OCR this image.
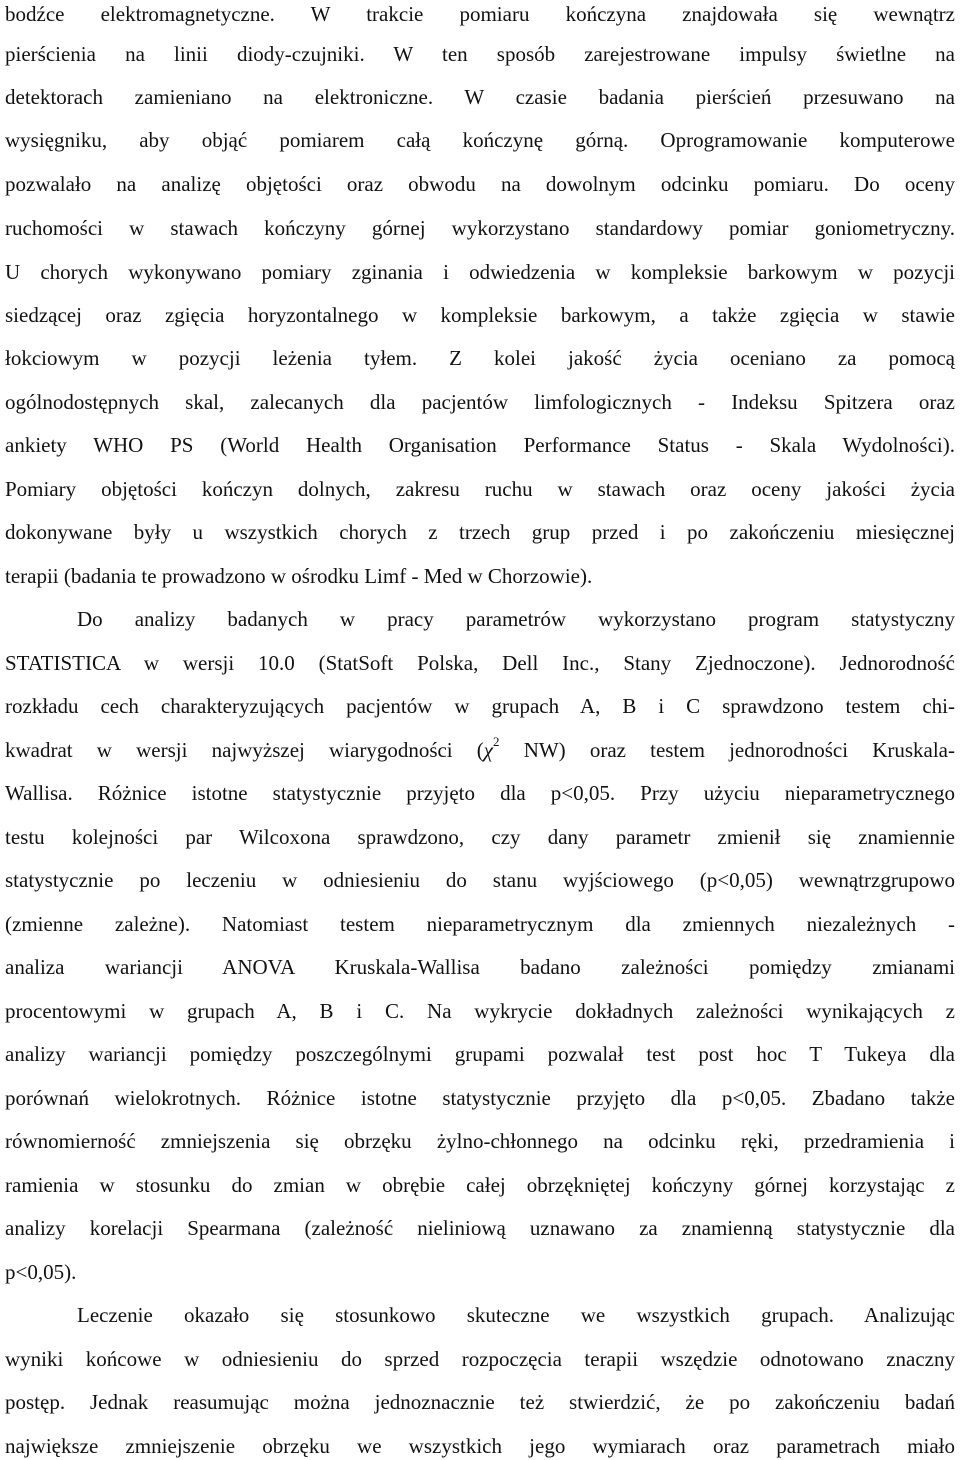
bodźce elektromagnetyczne. W trakcie pomiaru kończyna znajdowała się wewnątrz
pierścienia na linii diody-czujniki. W ten sposób zarejestrowane impulsy świetlne na
detektorach zamieniano na elektroniczne. W czasie badania pierścień przesuwano na
wysięgniku, aby objąć pomiarem całą kończynę górną. Oprogramowanie komputerowe
pozwalało na analizę objętości oraz obwodu na dowolnym odcinku pomiaru. Do oceny
ruchomości w stawach kończyny górnej wykorzystano standardowy pomiar goniometryczny.
U chorych wykonywano pomiary zginania i odwiedzenia w kompleksie barkowym w pozycji
siedzącej oraz zgięcia horyzontalnego w kompleksie barkowym, a także zgięcia w stawie
łokciowym w pozycji leżenia tyłem. Z kolei jakość życia oceniano za pomocą
ogólnodostępnych skal, zalecanych dla pacjentów limfologicznych - Indeksu Spitzera oraz
ankiety WHO PS (World Health Organisation Performance Status - Skala Wydolności).
Pomiary objętości kończyn dolnych, zakresu ruchu w stawach oraz oceny jakości życia
dokonywane były u wszystkich chorych z trzech grup przed i po zakończeniu miesięcznej
terapii (badania te prowadzono w ośrodku Limf - Med w Chorzowie).
Do analizy badanych w pracy parametrów wykorzystano program statystyczny
STATISTICA w wersji 10.0 (StatSoft Polska, Dell Inc., Stany Zjednoczone). Jednorodność
rozkładu cech charakteryzujących pacjentów w grupach A, B i C sprawdzono testem chi-
kwadrat w wersji najwyższej wiarygodności ($\chi^2$ NW) oraz testem jednorodności Kruskala-
Wallisa. Różnice istotne statystycznie przyjęto dla p<0,05. Przy użyciu nieparametrycznego
testu kolejności par Wilcoxona sprawdzono, czy dany parametr zmienił się znamiennie
statystycznie po leczeniu w odniesieniu do stanu wyjściowego (p<0,05) wewnątrzgrupowo
(zmienne zależne). Natomiast testem nieparametrycznym dla zmiennych niezależnych -
analiza wariancji ANOVA Kruskala-Wallisa badano zależności pomiędzy zmianami
procentowymi w grupach A, B i C. Na wykrycie dokładnych zależności wynikających z
analizy wariancji pomiędzy poszczególnymi grupami pozwalał test post hoc T Tukeya dla
porównań wielokrotnych. Różnice istotne statystycznie przyjęto dla p<0,05. Zbadano także
równomierność zmniejszenia się obrzęku żylno-chłonnego na odcinku ręki, przedramienia i
ramienia w stosunku do zmian w obrębie całej obrzękniętej kończyny górnej korzystając z
analizy korelacji Spearmana (zależność nieliniową uznawano za znamienną statystycznie dla
p<0,05).
Leczenie okazało się stosunkowo skuteczne we wszystkich grupach. Analizując
wyniki końcowe w odniesieniu do sprzed rozpoczęcia terapii wszędzie odnotowano znaczny
postęp. Jednak reasumując można jednoznacznie też stwierdzić, że po zakończeniu badań
największe zmniejszenie obrzęku we wszystkich jego wymiarach oraz parametrach miało
